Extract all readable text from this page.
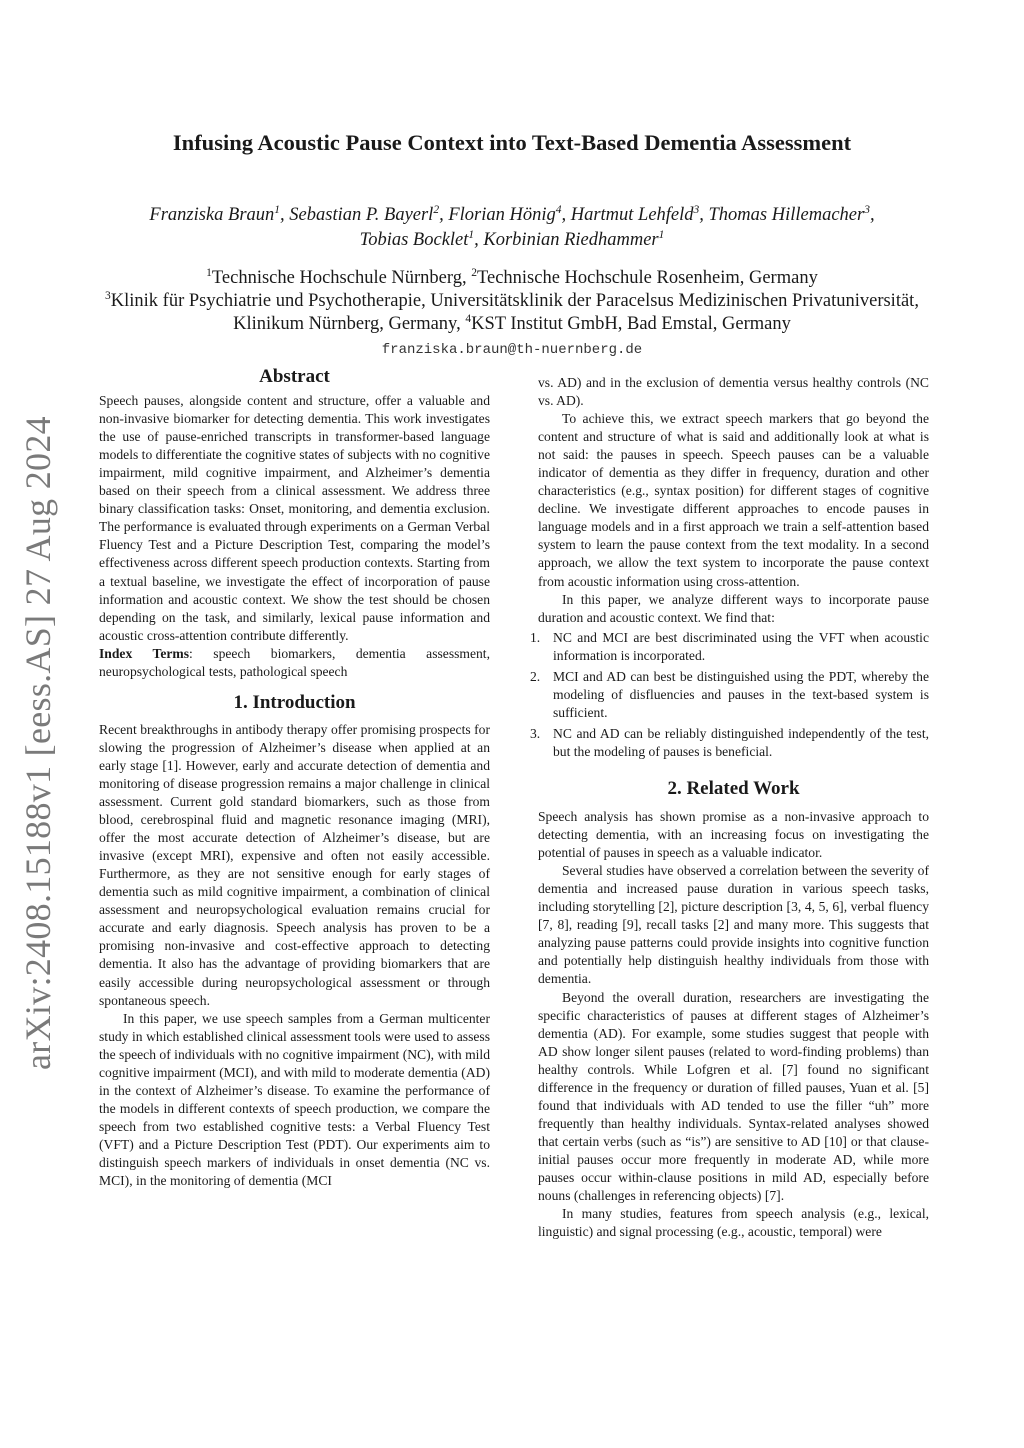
arXiv:2408.15188v1 [eess.AS] 27 Aug 2024
Infusing Acoustic Pause Context into Text-Based Dementia Assessment
Franziska Braun$^1$, Sebastian P. Bayerl$^2$, Florian Hönig$^4$, Hartmut Lehfeld$^3$, Thomas Hillemacher$^3$,
Tobias Bocklet$^1$, Korbinian Riedhammer$^1$
$^1$Technische Hochschule Nürnberg, $^2$Technische Hochschule Rosenheim, Germany
$^3$Klinik für Psychiatrie und Psychotherapie, Universitätsklinik der Paracelsus Medizinischen Privatuniversität, Klinikum Nürnberg, Germany, $^4$KST Institut GmbH, Bad Emstal, Germany
franziska.braun@th-nuernberg.de
Abstract

Speech pauses, alongside content and structure, offer a valuable and non-invasive biomarker for detecting dementia. This work investigates the use of pause-enriched transcripts in transformer-based language models to differentiate the cognitive states of subjects with no cognitive impairment, mild cognitive impairment, and Alzheimer’s dementia based on their speech from a clinical assessment. We address three binary classification tasks: Onset, monitoring, and dementia exclusion. The performance is evaluated through experiments on a German Verbal Fluency Test and a Picture Description Test, comparing the model’s effectiveness across different speech production contexts. Starting from a textual baseline, we investigate the effect of incorporation of pause information and acoustic context. We show the test should be chosen depending on the task, and similarly, lexical pause information and acoustic cross-attention contribute differently.

Index Terms: speech biomarkers, dementia assessment, neuropsychological tests, pathological speech

1. Introduction

Recent breakthroughs in antibody therapy offer promising prospects for slowing the progression of Alzheimer’s disease when applied at an early stage [1]. However, early and accurate detection of dementia and monitoring of disease progression remains a major challenge in clinical assessment. Current gold standard biomarkers, such as those from blood, cerebrospinal fluid and magnetic resonance imaging (MRI), offer the most accurate detection of Alzheimer’s disease, but are invasive (except MRI), expensive and often not easily accessible. Furthermore, as they are not sensitive enough for early stages of dementia such as mild cognitive impairment, a combination of clinical assessment and neuropsychological evaluation remains crucial for accurate and early diagnosis. Speech analysis has proven to be a promising non-invasive and cost-effective approach to detecting dementia. It also has the advantage of providing biomarkers that are easily accessible during neuropsychological assessment or through spontaneous speech.

In this paper, we use speech samples from a German multicenter study in which established clinical assessment tools were used to assess the speech of individuals with no cognitive impairment (NC), with mild cognitive impairment (MCI), and with mild to moderate dementia (AD) in the context of Alzheimer’s disease. To examine the performance of the models in different contexts of speech production, we compare the speech from two established cognitive tests: a Verbal Fluency Test (VFT) and a Picture Description Test (PDT). Our experiments aim to distinguish speech markers of individuals in onset dementia (NC vs. MCI), in the monitoring of dementia (MCI

vs. AD) and in the exclusion of dementia versus healthy controls (NC vs. AD).

To achieve this, we extract speech markers that go beyond the content and structure of what is said and additionally look at what is not said: the pauses in speech. Speech pauses can be a valuable indicator of dementia as they differ in frequency, duration and other characteristics (e.g., syntax position) for different stages of cognitive decline. We investigate different approaches to encode pauses in language models and in a first approach we train a self-attention based system to learn the pause context from the text modality. In a second approach, we allow the text system to incorporate the pause context from acoustic information using cross-attention.

In this paper, we analyze different ways to incorporate pause duration and acoustic context. We find that:

1. NC and MCI are best discriminated using the VFT when acoustic information is incorporated.
2. MCI and AD can best be distinguished using the PDT, whereby the modeling of disfluencies and pauses in the text-based system is sufficient.
3. NC and AD can be reliably distinguished independently of the test, but the modeling of pauses is beneficial.
2. Related Work

Speech analysis has shown promise as a non-invasive approach to detecting dementia, with an increasing focus on investigating the potential of pauses in speech as a valuable indicator.

Several studies have observed a correlation between the severity of dementia and increased pause duration in various speech tasks, including storytelling [2], picture description [3, 4, 5, 6], verbal fluency [7, 8], reading [9], recall tasks [2] and many more. This suggests that analyzing pause patterns could provide insights into cognitive function and potentially help distinguish healthy individuals from those with dementia.

Beyond the overall duration, researchers are investigating the specific characteristics of pauses at different stages of Alzheimer’s dementia (AD). For example, some studies suggest that people with AD show longer silent pauses (related to word-finding problems) than healthy controls. While Lofgren et al. [7] found no significant difference in the frequency or duration of filled pauses, Yuan et al. [5] found that individuals with AD tended to use the filler “uh” more frequently than healthy individuals. Syntax-related analyses showed that certain verbs (such as “is”) are sensitive to AD [10] or that clause-initial pauses occur more frequently in moderate AD, while more pauses occur within-clause positions in mild AD, especially before nouns (challenges in referencing objects) [7].

In many studies, features from speech analysis (e.g., lexical, linguistic) and signal processing (e.g., acoustic, temporal) were
